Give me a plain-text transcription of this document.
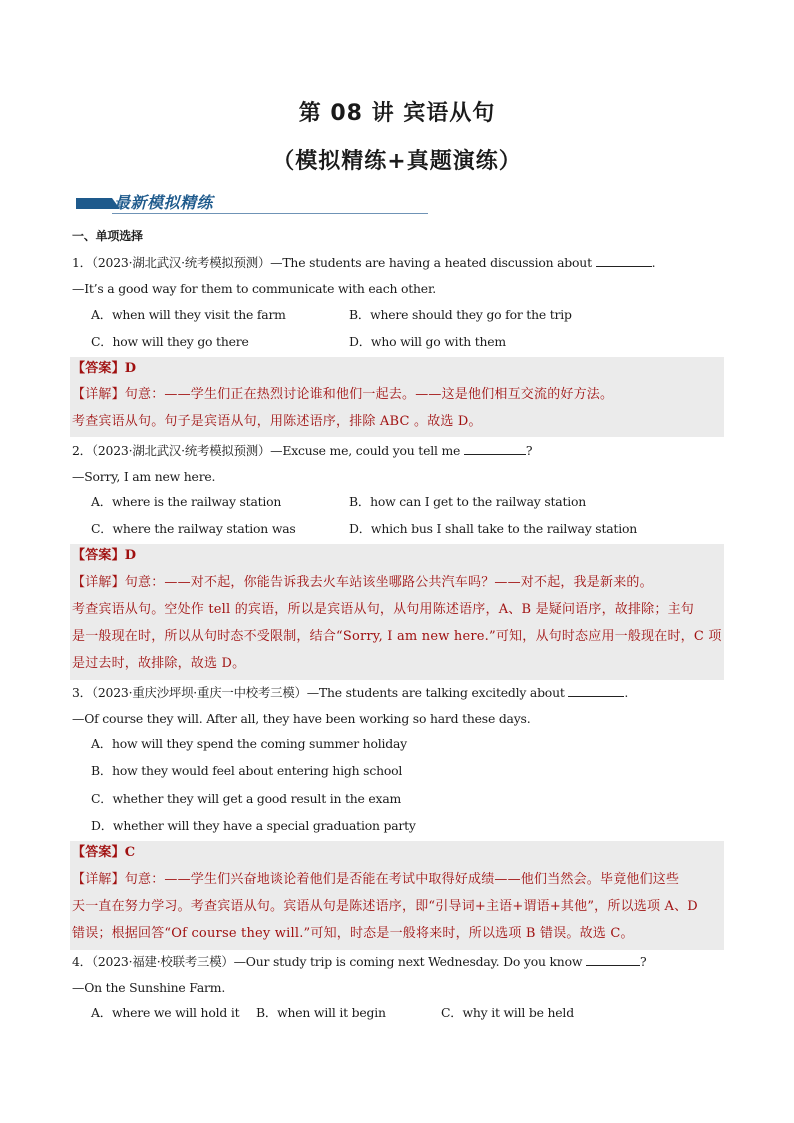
第 08 讲 宾语从句
（模拟精练+真题演练）
最新模拟精练
一、单项选择
1．（2023·湖北武汉·统考模拟预测）—The students are having a heated discussion about	.
—It’s a good way for them to communicate with each other.
A．when will they visit the farm	B．where should they go for the trip
C．how will they go there	D．who will go with them
【答案】D
【详解】句意：——学生们正在热烈讨论谁和他们一起去。——这是他们相互交流的好方法。
考查宾语从句。句子是宾语从句，用陈述语序，排除 ABC 。故选 D。
2．（2023·湖北武汉·统考模拟预测）—Excuse me, could you tell me	?
—Sorry, I am new here.
A．where is the railway station	B．how can I get to the railway station
C．where the railway station was	D．which bus I shall take to the railway station
【答案】D
【详解】句意：——对不起，你能告诉我去火车站该坐哪路公共汽车吗？——对不起，我是新来的。
考查宾语从句。空处作 tell 的宾语，所以是宾语从句，从句用陈述语序，A、B 是疑问语序，故排除；主句
是一般现在时，所以从句时态不受限制，结合“Sorry, I am new here.”可知，从句时态应用一般现在时，C 项
是过去时，故排除，故选 D。
3．（2023·重庆沙坪坝·重庆一中校考三模）—The students are talking excitedly about	.
—Of course they will. After all, they have been working so hard these days.
A．how will they spend the coming summer holiday
B．how they would feel about entering high school
C．whether they will get a good result in the exam
D．whether will they have a special graduation party
【答案】C
【详解】句意：——学生们兴奋地谈论着他们是否能在考试中取得好成绩——他们当然会。毕竟他们这些
天一直在努力学习。考查宾语从句。宾语从句是陈述语序，即“引导词+主语+谓语+其他”，所以选项 A、D
错误；根据回答“Of course they will.”可知，时态是一般将来时，所以选项 B 错误。故选 C。
4．（2023·福建·校联考三模）—Our study trip is coming next Wednesday. Do you know	?
—On the Sunshine Farm.
A．where we will hold it B．when will it begin	C．why it will be held
